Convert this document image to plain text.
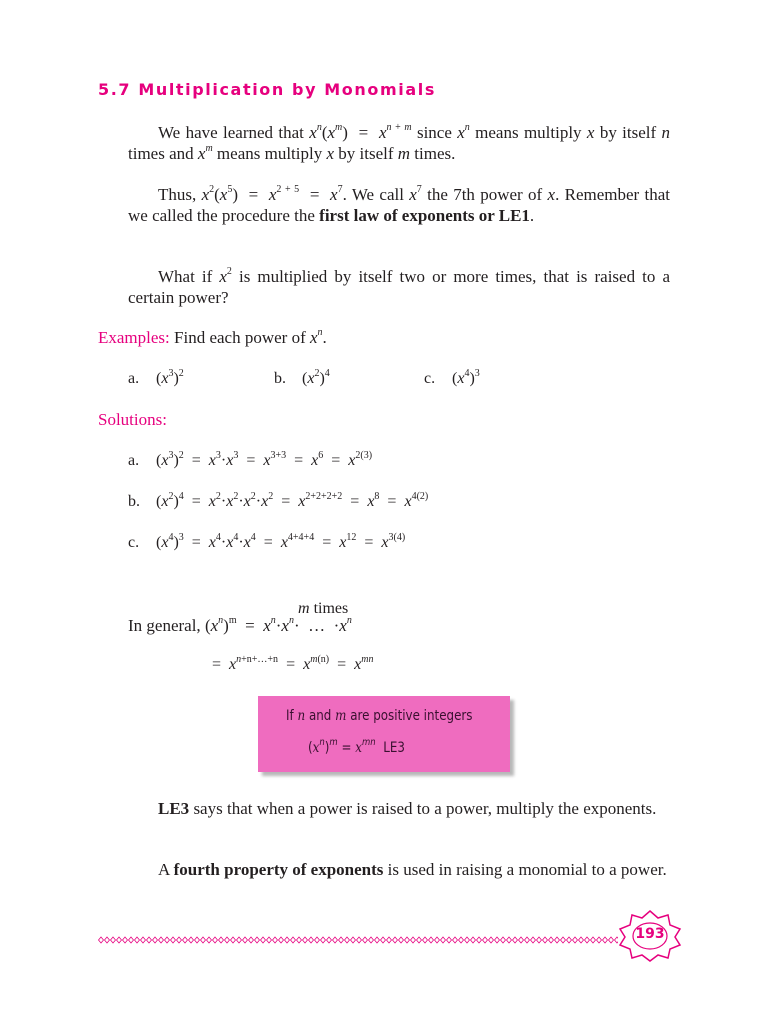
5.7 Multiplication by Monomials
We have learned that $x^n(x^m) = x^{n + m}$ since $x^n$ means multiply x by itself n times and $x^m$ means multiply x by itself m times.
Thus, $x^2(x^5) = x^{2 + 5} = x^7$. We call $x^7$ the 7th power of x. Remember that we called the procedure the first law of exponents or LE1.
What if $x^2$ is multiplied by itself two or more times, that is raised to a certain power?
Examples: Find each power of $x^n$.
a. $(x^3)^2$	b. $(x^2)^4$	c. $(x^4)^3$
Solutions:
a. $(x^3)^2 = x^3\cdot x^3 = x^{3+3} = x^6 = x^{2(3)}$
b. $(x^2)^4 = x^2\cdot x^2\cdot x^2\cdot x^2 = x^{2+2+2+2} = x^8 = x^{4(2)}$
c. $(x^4)^3 = x^4\cdot x^4\cdot x^4 = x^{4+4+4} = x^{12} = x^{3(4)}$
m times
In general, $(x^n)^m = x^n\cdot x^n\cdot$  …  $\cdot x^n$
=  $x^{n+n+\dots+n} = x^{m(n)} = x^{mn}$
If n and m are positive integers
$(x^n)^m = x^{mn}$ LE3
LE3 says that when a power is raised to a power, multiply the exponents.
A fourth property of exponents is used in raising a monomial to a power.
193
